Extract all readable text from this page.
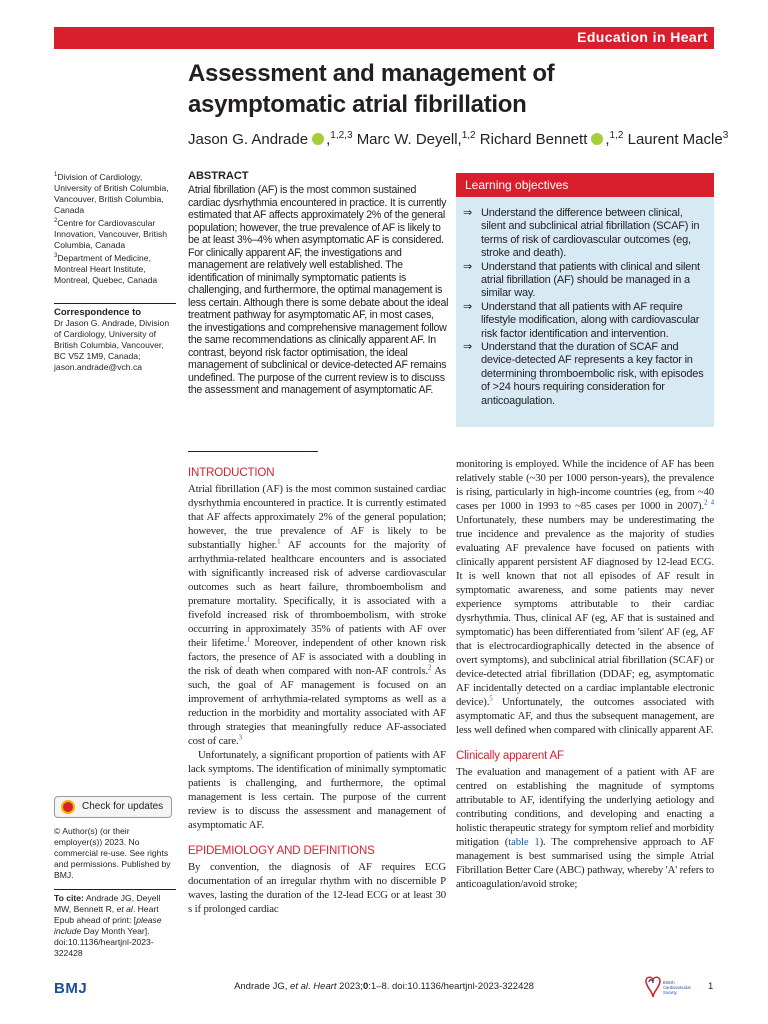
Education in Heart
Assessment and management of asymptomatic atrial fibrillation
Jason G. Andrade ,$^{1,2,3}$ Marc W. Deyell,$^{1,2}$ Richard Bennett ,$^{1,2}$ Laurent Macle$^3$
$^1$Division of Cardiology, University of British Columbia, Vancouver, British Columbia, Canada
$^2$Centre for Cardiovascular Innovation, Vancouver, British Columbia, Canada
$^3$Department of Medicine, Montreal Heart Institute, Montreal, Quebec, Canada
Correspondence to
Dr Jason G. Andrade, Division of Cardiology, University of British Columbia, Vancouver, BC V5Z 1M9, Canada; jason.andrade@vch.ca
ABSTRACT
Atrial fibrillation (AF) is the most common sustained cardiac dysrhythmia encountered in practice. It is currently estimated that AF affects approximately 2% of the general population; however, the true prevalence of AF is likely to be at least 3%–4% when asymptomatic AF is considered. For clinically apparent AF, the investigations and management are relatively well established. The identification of minimally symptomatic patients is challenging, and furthermore, the optimal management is less certain. Although there is some debate about the ideal treatment pathway for asymptomatic AF, in most cases, the investigations and comprehensive management follow the same recommendations as clinically apparent AF. In contrast, beyond risk factor optimisation, the ideal management of subclinical or device-detected AF remains undefined. The purpose of the current review is to discuss the assessment and management of asymptomatic AF.
Learning objectives
⇒ Understand the difference between clinical, silent and subclinical atrial fibrillation (SCAF) in terms of risk of cardiovascular outcomes (eg, stroke and death).
⇒ Understand that patients with clinical and silent atrial fibrillation (AF) should be managed in a similar way.
⇒ Understand that all patients with AF require lifestyle modification, along with cardiovascular risk factor identification and intervention.
⇒ Understand that the duration of SCAF and device-detected AF represents a key factor in determining thromboembolic risk, with episodes of >24 hours requiring consideration for anticoagulation.
INTRODUCTION

Atrial fibrillation (AF) is the most common sustained cardiac dysrhythmia encountered in practice. It is currently estimated that AF affects approximately 2% of the general population; however, the true prevalence of AF is likely to be substantially higher.$^1$ AF accounts for the majority of arrhythmia-related healthcare encounters and is associated with significantly increased risk of adverse cardiovascular outcomes such as heart failure, thromboembolism and premature mortality. Specifically, it is associated with a fivefold increased risk of thromboembolism, with stroke occurring in approximately 35% of patients with AF over their lifetime.$^1$ Moreover, independent of other known risk factors, the presence of AF is associated with a doubling in the risk of death when compared with non-AF controls.$^2$ As such, the goal of AF management is focused on an improvement of arrhythmia-related symptoms as well as a reduction in the morbidity and mortality associated with AF through strategies that meaningfully reduce AF-associated cost of care.$^3$

Unfortunately, a significant proportion of patients with AF lack symptoms. The identification of minimally symptomatic patients is challenging, and furthermore, the optimal management is less certain. The purpose of the current review is to discuss the assessment and management of asymptomatic AF.

EPIDEMIOLOGY AND DEFINITIONS

By convention, the diagnosis of AF requires ECG documentation of an irregular rhythm with no discernible P waves, lasting the duration of the 12-lead ECG or at least 30 s if prolonged cardiac

monitoring is employed. While the incidence of AF has been relatively stable (~30 per 1000 person-years), the prevalence is rising, particularly in high-income countries (eg, from ~40 cases per 1000 in 1993 to ~85 cases per 1000 in 2007).$^{2 4}$ Unfortunately, these numbers may be underestimating the true incidence and prevalence as the majority of studies evaluating AF prevalence have focused on patients with clinically apparent persistent AF diagnosed by 12-lead ECG. It is well known that not all episodes of AF result in symptomatic awareness, and some patients may never experience symptoms attributable to their cardiac dysrhythmia. Thus, clinical AF (eg, AF that is sustained and symptomatic) has been differentiated from 'silent' AF (eg, AF that is electrocardiographically detected in the absence of overt symptoms), and subclinical atrial fibrillation (SCAF) or device-detected atrial fibrillation (DDAF; eg, asymptomatic AF incidentally detected on a cardiac implantable electronic device).$^5$ Unfortunately, the outcomes associated with asymptomatic AF, and thus the subsequent management, are less well defined when compared with clinically apparent AF.

Clinically apparent AF

The evaluation and management of a patient with AF are centred on establishing the magnitude of symptoms attributable to AF, identifying the underlying aetiology and contributing conditions, and developing and enacting a holistic therapeutic strategy for symptom relief and morbidity mitigation (table 1). The comprehensive approach to AF management is best summarised using the simple Atrial Fibrillation Better Care (ABC) pathway, whereby 'A' refers to anticoagulation/avoid stroke;

Check for updates
© Author(s) (or their employer(s)) 2023. No commercial re-use. See rights and permissions. Published by BMJ.
To cite: Andrade JG, Deyell MW, Bennett R, et al. Heart Epub ahead of print: [please include Day Month Year]. doi:10.1136/heartjnl-2023-322428
BMJ	Andrade JG, et al. Heart 2023;0:1–8. doi:10.1136/heartjnl-2023-322428	British
Cardiovascular
Society
1
